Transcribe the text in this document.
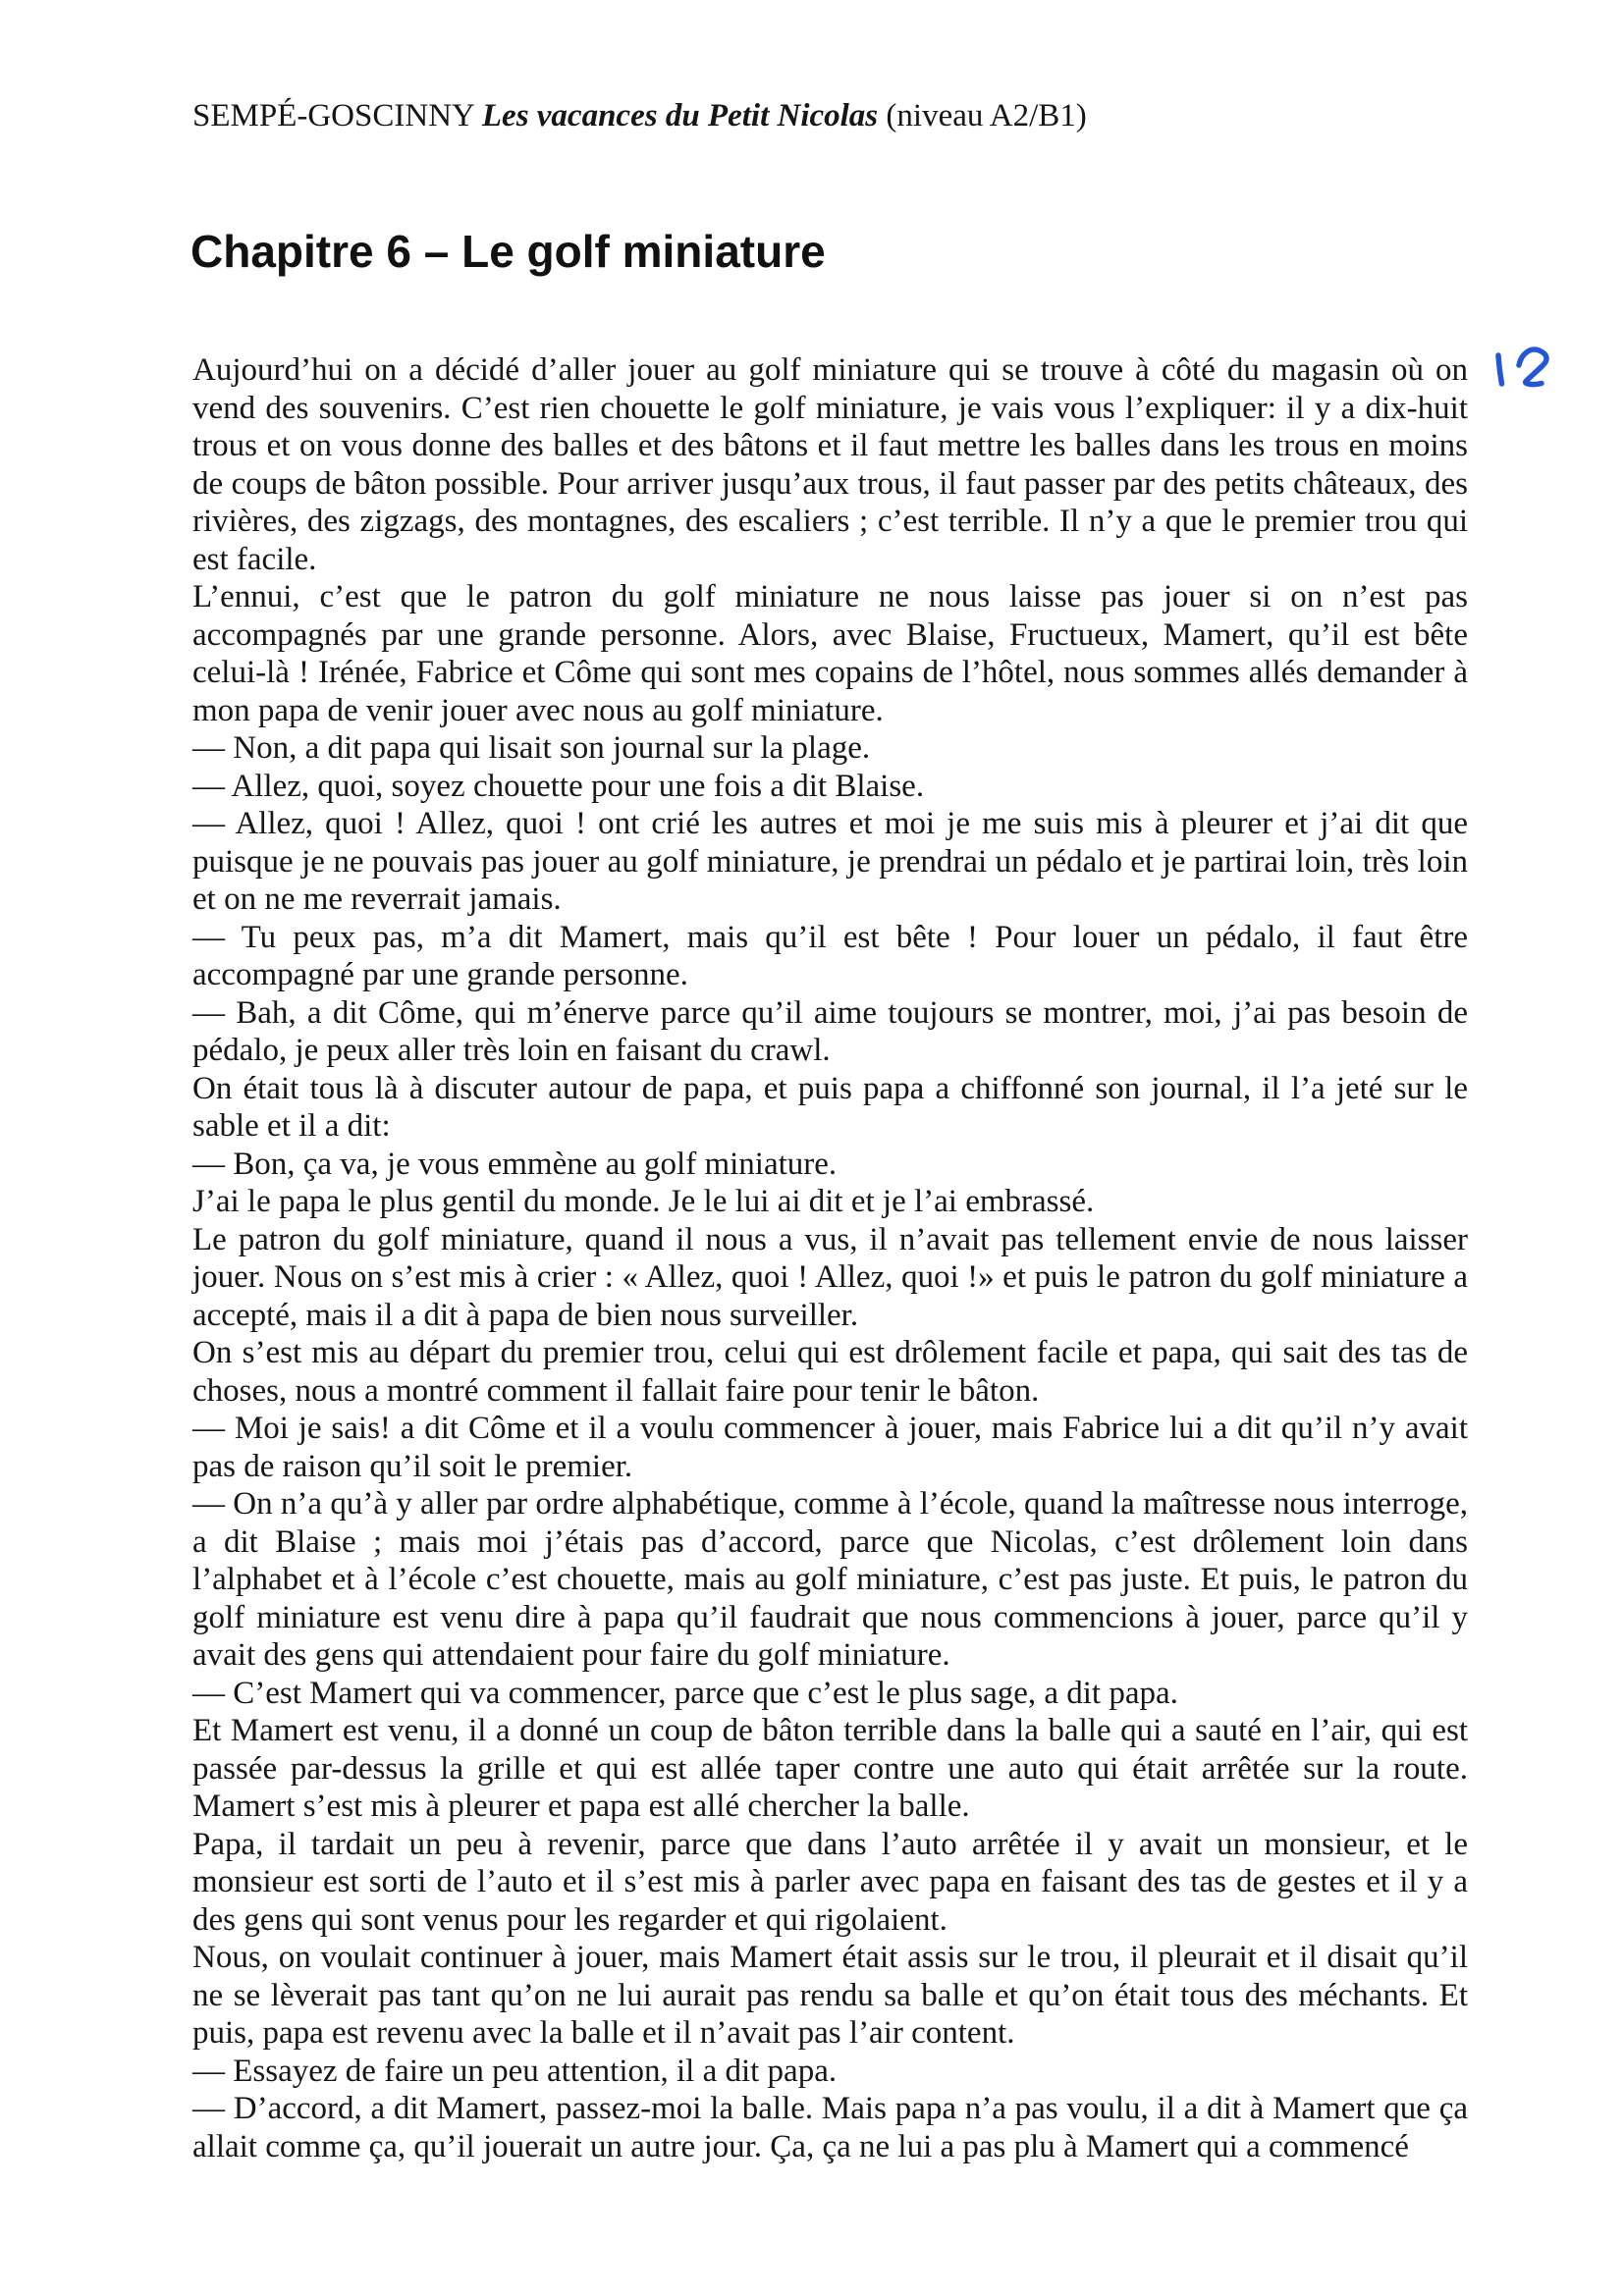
SEMPÉ-GOSCINNY Les vacances du Petit Nicolas (niveau A2/B1)
Chapitre 6 – Le golf miniature

Aujourd’hui on a décidé d’aller jouer au golf miniature qui se trouve à côté du magasin où on vend des souvenirs. C’est rien chouette le golf miniature, je vais vous l’expliquer: il y a dix-huit trous et on vous donne des balles et des bâtons et il faut mettre les balles dans les trous en moins de coups de bâton possible. Pour arriver jusqu’aux trous, il faut passer par des petits châteaux, des rivières, des zigzags, des montagnes, des escaliers ; c’est terrible. Il n’y a que le premier trou qui est facile.

L’ennui, c’est que le patron du golf miniature ne nous laisse pas jouer si on n’est pas accompagnés par une grande personne. Alors, avec Blaise, Fructueux, Mamert, qu’il est bête celui-là ! Irénée, Fabrice et Côme qui sont mes copains de l’hôtel, nous sommes allés demander à mon papa de venir jouer avec nous au golf miniature.

— Non, a dit papa qui lisait son journal sur la plage.

— Allez, quoi, soyez chouette pour une fois a dit Blaise.

— Allez, quoi ! Allez, quoi ! ont crié les autres et moi je me suis mis à pleurer et j’ai dit que puisque je ne pouvais pas jouer au golf miniature, je prendrai un pédalo et je partirai loin, très loin et on ne me reverrait jamais.

— Tu peux pas, m’a dit Mamert, mais qu’il est bête ! Pour louer un pédalo, il faut être accompagné par une grande personne.

— Bah, a dit Côme, qui m’énerve parce qu’il aime toujours se montrer, moi, j’ai pas besoin de pédalo, je peux aller très loin en faisant du crawl.

On était tous là à discuter autour de papa, et puis papa a chiffonné son journal, il l’a jeté sur le sable et il a dit:

— Bon, ça va, je vous emmène au golf miniature.

J’ai le papa le plus gentil du monde. Je le lui ai dit et je l’ai embrassé.

Le patron du golf miniature, quand il nous a vus, il n’avait pas tellement envie de nous laisser jouer. Nous on s’est mis à crier : « Allez, quoi ! Allez, quoi !» et puis le patron du golf miniature a accepté, mais il a dit à papa de bien nous surveiller.

On s’est mis au départ du premier trou, celui qui est drôlement facile et papa, qui sait des tas de choses, nous a montré comment il fallait faire pour tenir le bâton.

— Moi je sais! a dit Côme et il a voulu commencer à jouer, mais Fabrice lui a dit qu’il n’y avait pas de raison qu’il soit le premier.

— On n’a qu’à y aller par ordre alphabétique, comme à l’école, quand la maîtresse nous interroge, a dit Blaise ; mais moi j’étais pas d’accord, parce que Nicolas, c’est drôlement loin dans l’alphabet et à l’école c’est chouette, mais au golf miniature, c’est pas juste. Et puis, le patron du golf miniature est venu dire à papa qu’il faudrait que nous commencions à jouer, parce qu’il y avait des gens qui attendaient pour faire du golf miniature.

— C’est Mamert qui va commencer, parce que c’est le plus sage, a dit papa.

Et Mamert est venu, il a donné un coup de bâton terrible dans la balle qui a sauté en l’air, qui est passée par-dessus la grille et qui est allée taper contre une auto qui était arrêtée sur la route. Mamert s’est mis à pleurer et papa est allé chercher la balle.

Papa, il tardait un peu à revenir, parce que dans l’auto arrêtée il y avait un monsieur, et le monsieur est sorti de l’auto et il s’est mis à parler avec papa en faisant des tas de gestes et il y a des gens qui sont venus pour les regarder et qui rigolaient.

Nous, on voulait continuer à jouer, mais Mamert était assis sur le trou, il pleurait et il disait qu’il ne se lèverait pas tant qu’on ne lui aurait pas rendu sa balle et qu’on était tous des méchants. Et puis, papa est revenu avec la balle et il n’avait pas l’air content.

— Essayez de faire un peu attention, il a dit papa.

— D’accord, a dit Mamert, passez-moi la balle. Mais papa n’a pas voulu, il a dit à Mamert que ça allait comme ça, qu’il jouerait un autre jour. Ça, ça ne lui a pas plu à Mamert qui a commencé
